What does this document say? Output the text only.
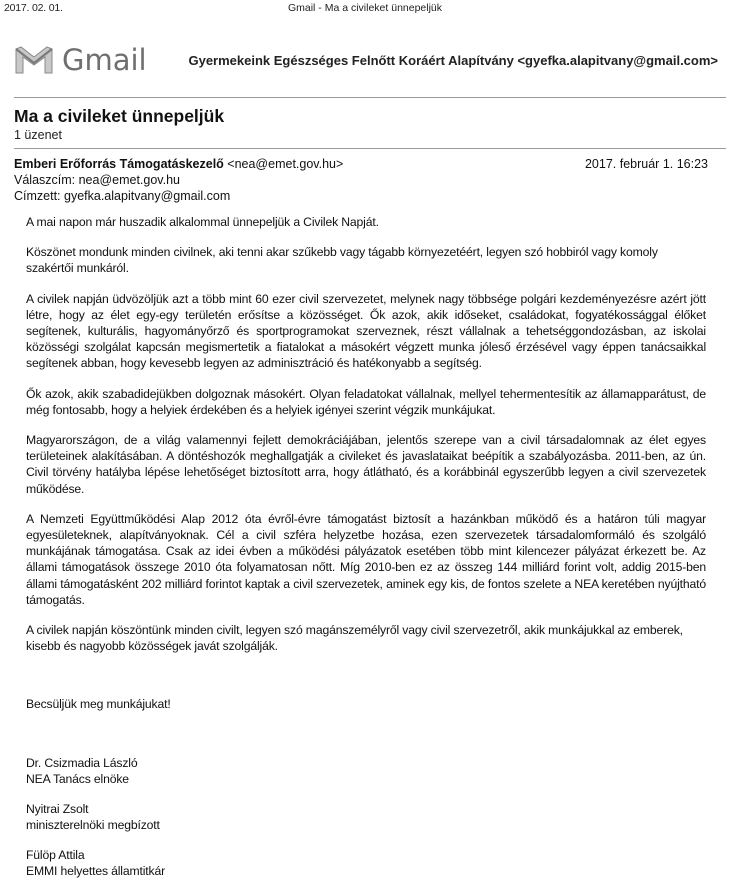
2017. 02. 01.	Gmail - Ma a civileket ünnepeljük
Gmail	Gyermekeink Egészséges Felnőtt Koráért Alapítvány <gyefka.alapitvany@gmail.com>
Ma a civileket ünnepeljük
1 üzenet
Emberi Erőforrás Támogatáskezelő <nea@emet.gov.hu>	2017. február 1. 16:23
Válaszcím: nea@emet.gov.hu
Címzett: gyefka.alapitvany@gmail.com

A mai napon már huszadik alkalommal ünnepeljük a Civilek Napját.

Köszönet mondunk minden civilnek, aki tenni akar szűkebb vagy tágabb környezetéért, legyen szó hobbiról vagy komoly szakértői munkáról.

A civilek napján üdvözöljük azt a több mint 60 ezer civil szervezetet, melynek nagy többsége polgári kezdeményezésre azért jött létre, hogy az élet egy-egy területén erősítse a közösséget. Ők azok, akik időseket, családokat, fogyatékossággal élőket segítenek, kulturális, hagyományőrző és sportprogramokat szerveznek, részt vállalnak a tehetséggondozásban, az iskolai közösségi szolgálat kapcsán megismertetik a fiatalokat a másokért végzett munka jóleső érzésével vagy éppen tanácsaikkal segítenek abban, hogy kevesebb legyen az adminisztráció és hatékonyabb a segítség.

Ők azok, akik szabadidejükben dolgoznak másokért. Olyan feladatokat vállalnak, mellyel tehermentesítik az államapparátust, de még fontosabb, hogy a helyiek érdekében és a helyiek igényei szerint végzik munkájukat.

Magyarországon, de a világ valamennyi fejlett demokráciájában, jelentős szerepe van a civil társadalomnak az élet egyes területeinek alakításában. A döntéshozók meghallgatják a civileket és javaslataikat beépítik a szabályozásba. 2011-ben, az ún. Civil törvény hatályba lépése lehetőséget biztosított arra, hogy átlátható, és a korábbinál egyszerűbb legyen a civil szervezetek működése.

A Nemzeti Együttműködési Alap 2012 óta évről-évre támogatást biztosít a hazánkban működő és a határon túli magyar egyesületeknek, alapítványoknak. Cél a civil szféra helyzetbe hozása, ezen szervezetek társadalomformáló és szolgáló munkájának támogatása. Csak az idei évben a működési pályázatok esetében több mint kilencezer pályázat érkezett be. Az állami támogatások összege 2010 óta folyamatosan nőtt. Míg 2010-ben ez az összeg 144 milliárd forint volt, addig 2015-ben állami támogatásként 202 milliárd forintot kaptak a civil szervezetek, aminek egy kis, de fontos szelete a NEA keretében nyújtható támogatás.

A civilek napján köszöntünk minden civilt, legyen szó magánszemélyről vagy civil szervezetről, akik munkájukkal az emberek, kisebb és nagyobb közösségek javát szolgálják.

Becsüljük meg munkájukat!

Dr. Csizmadia László
NEA Tanács elnöke
Nyitrai Zsolt
miniszterelnöki megbízott
Fülöp Attila
EMMI helyettes államtitkár
